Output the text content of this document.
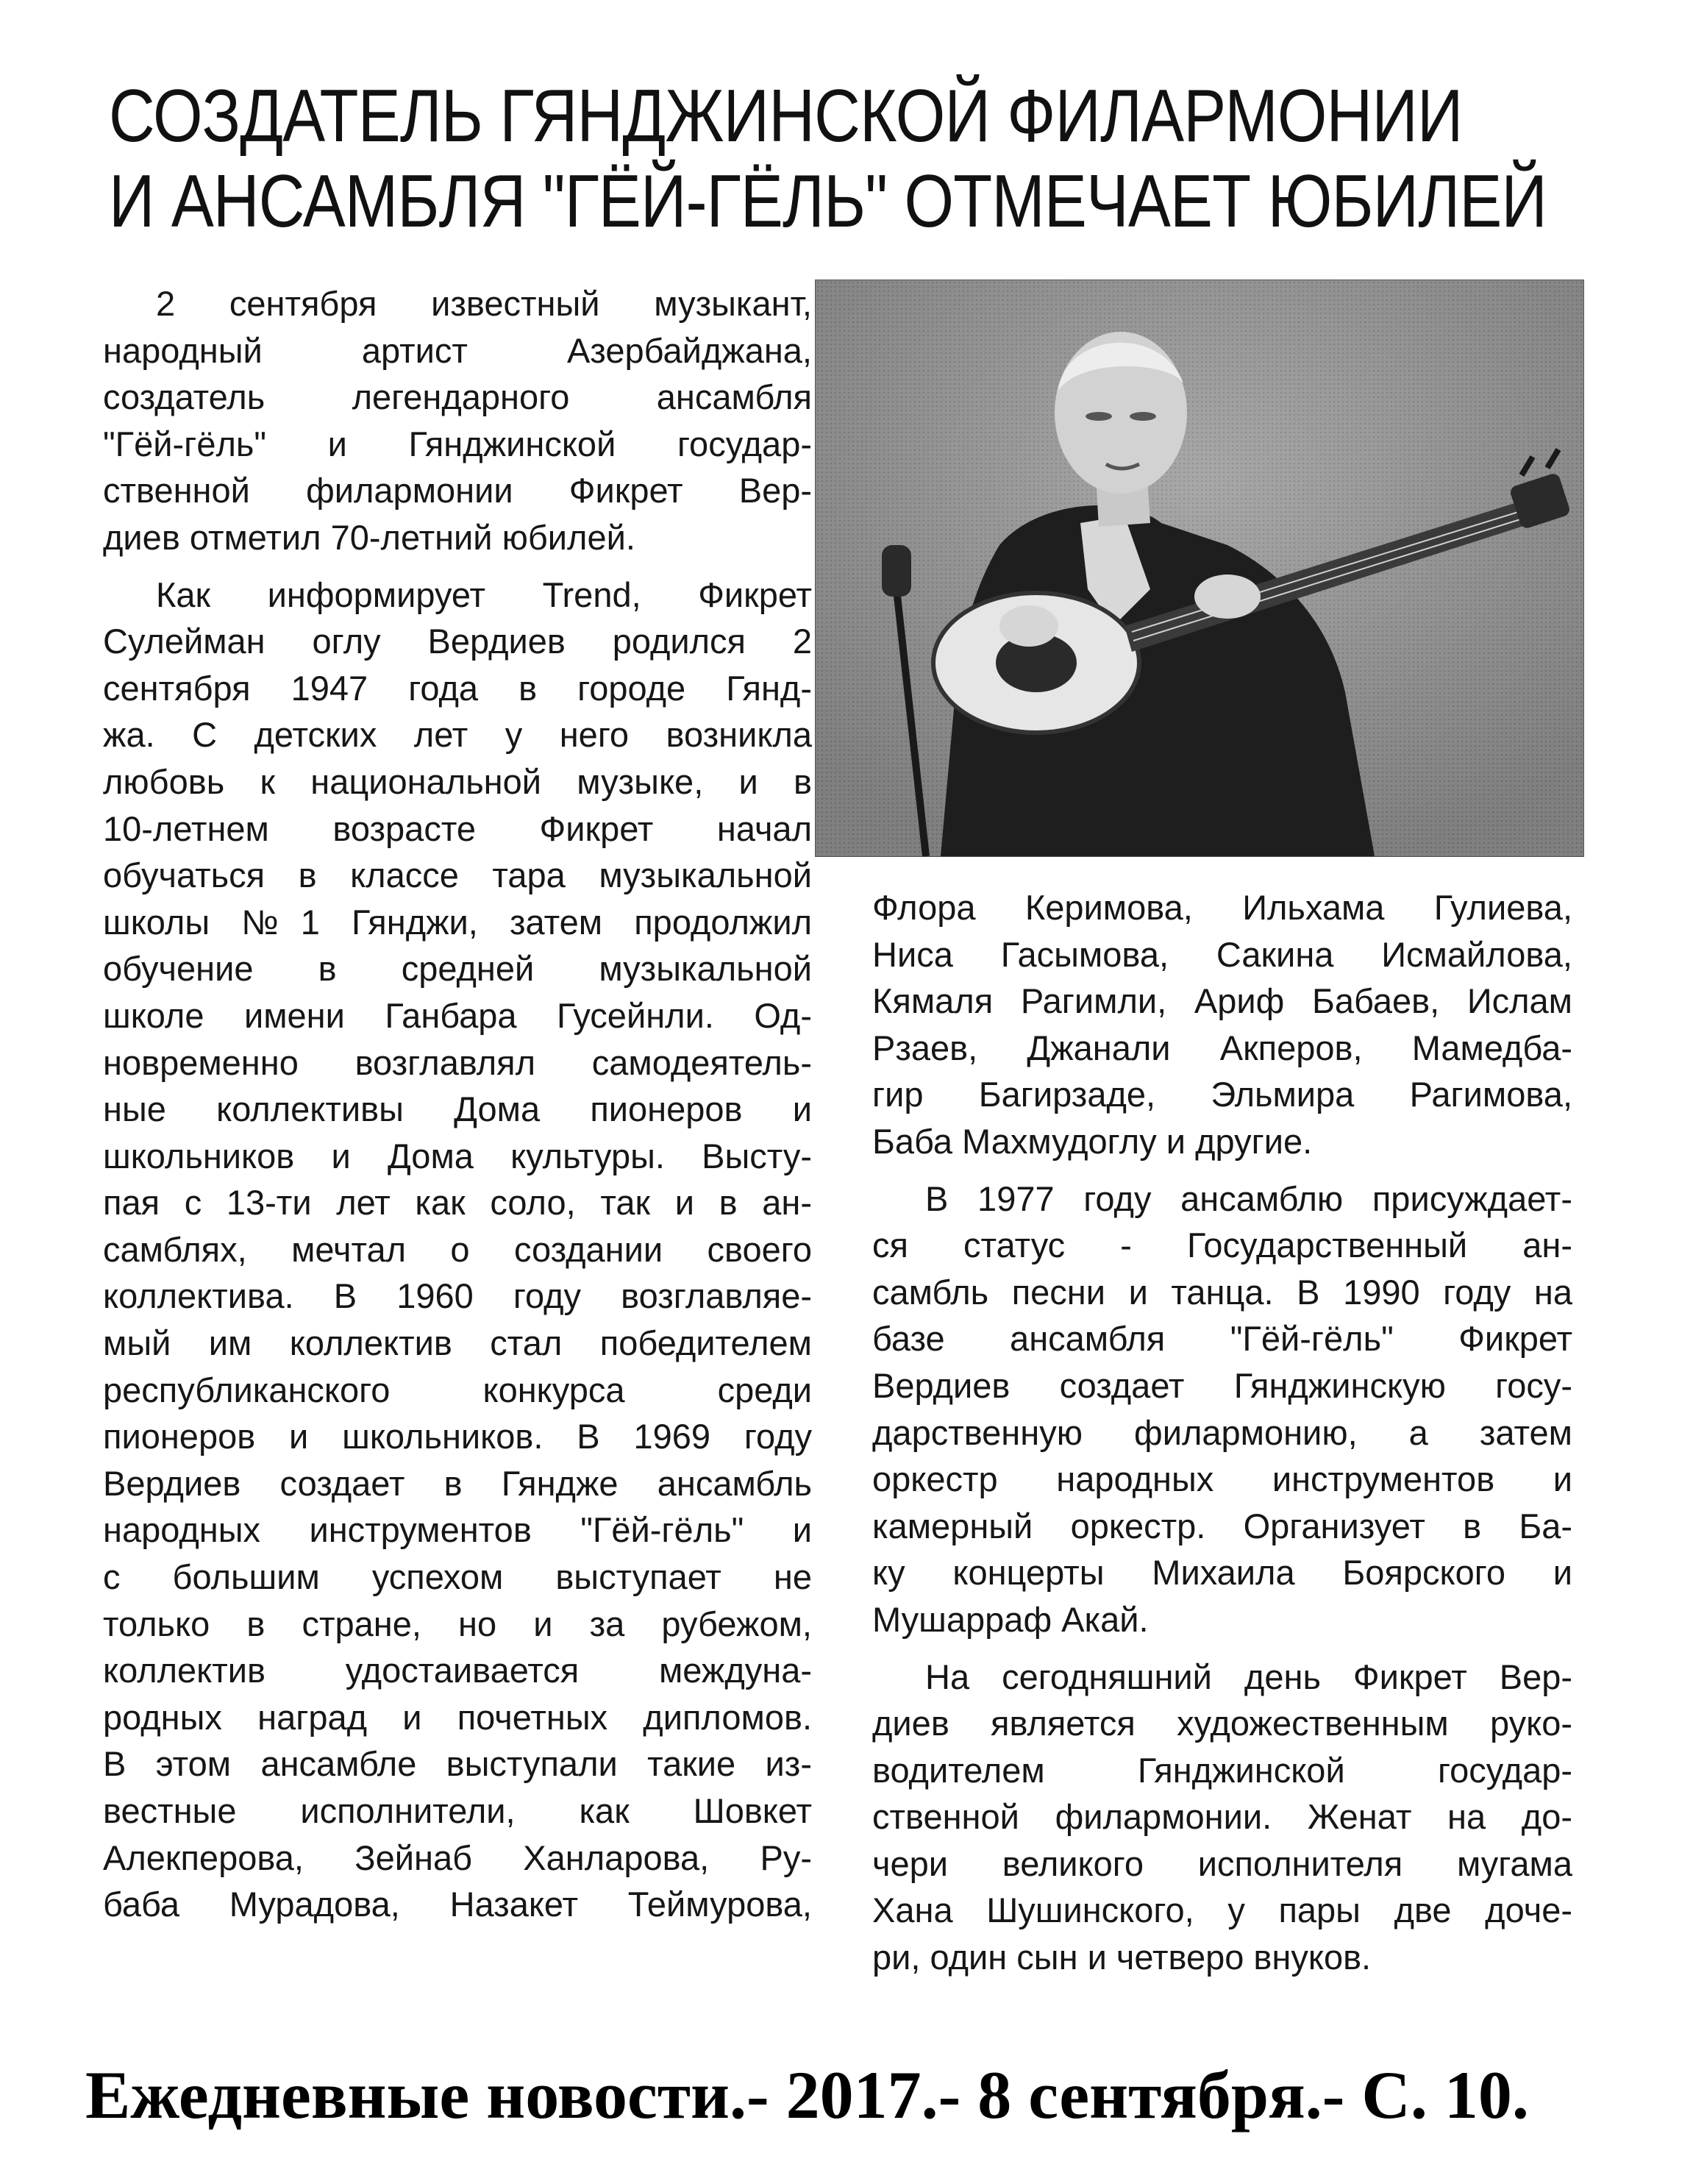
СОЗДАТЕЛЬ ГЯНДЖИНСКОЙ ФИЛАРМОНИИ
И АНСАМБЛЯ "ГЁЙ-ГЁЛЬ" ОТМЕЧАЕТ ЮБИЛЕЙ

2 сентября известный музыкант,
народный артист Азербайджана,
создатель легендарного ансамбля
"Гёй-гёль" и Гянджинской государ-
ственной филармонии Фикрет Вер-
диев отметил 70-летний юбилей.

Как информирует Trend, Фикрет
Сулейман оглу Вердиев родился 2
сентября 1947 года в городе Гянд-
жа. С детских лет у него возникла
любовь к национальной музыке, и в
10-летнем возрасте Фикрет начал
обучаться в классе тара музыкальной
школы №1 Гянджи, затем продолжил
обучение в средней музыкальной
школе имени Ганбара Гусейнли. Од-
новременно возглавлял самодеятель-
ные коллективы Дома пионеров и
школьников и Дома культуры. Высту-
пая с 13-ти лет как соло, так и в ан-
самблях, мечтал о создании своего
коллектива. В 1960 году возглавляе-
мый им коллектив стал победителем
республиканского конкурса среди
пионеров и школьников. В 1969 году
Вердиев создает в Гяндже ансамбль
народных инструментов "Гёй-гёль" и
с большим успехом выступает не
только в стране, но и за рубежом,
коллектив удостаивается междуна-
родных наград и почетных дипломов.
В этом ансамбле выступали такие из-
вестные исполнители, как Шовкет
Алекперова, Зейнаб Ханларова, Ру-
баба Мурадова, Назакет Теймурова,

Флора Керимова, Ильхама Гулиева,
Ниса Гасымова, Сакина Исмайлова,
Кямаля Рагимли, Ариф Бабаев, Ислам
Рзаев, Джанали Акперов, Мамедба-
гир Багирзаде, Эльмира Рагимова,
Баба Махмудоглу и другие.

В 1977 году ансамблю присуждает-
ся статус - Государственный ан-
самбль песни и танца. В 1990 году на
базе ансамбля "Гёй-гёль" Фикрет
Вердиев создает Гянджинскую госу-
дарственную филармонию, а затем
оркестр народных инструментов и
камерный оркестр. Организует в Ба-
ку концерты Михаила Боярского и
Мушарраф Акай.

На сегодняшний день Фикрет Вер-
диев является художественным руко-
водителем Гянджинской государ-
ственной филармонии. Женат на до-
чери великого исполнителя мугама
Хана Шушинского, у пары две доче-
ри, один сын и четверо внуков.

Ежедневные новости.- 2017.- 8 сентября.- С. 10.
